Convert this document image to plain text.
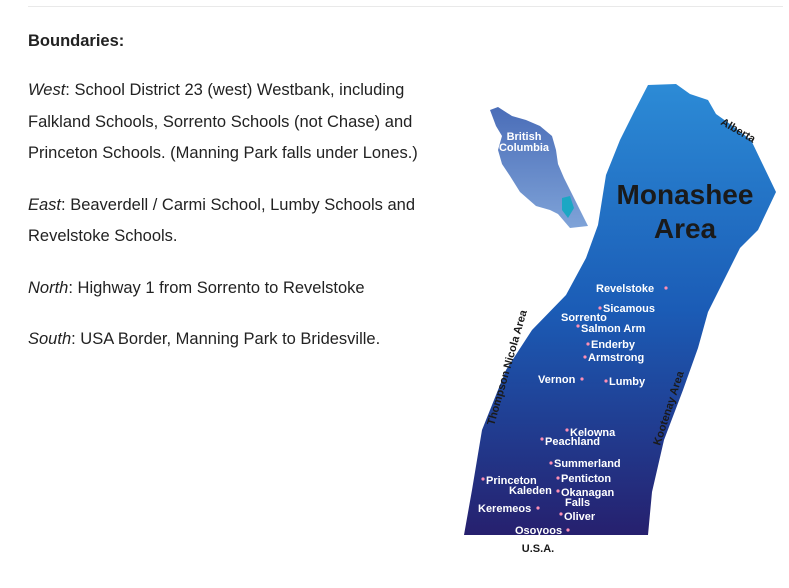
Boundaries:

West: School District 23 (west) Westbank, including Falkland Schools, Sorrento Schools (not Chase) and Princeton Schools. (Manning Park falls under Lones.)

East: Beaverdell / Carmi School, Lumby Schools and Revelstoke Schools.

North: Highway 1 from Sorrento to Revelstoke

South: USA Border, Manning Park to Bridesville.

British
Columbia
Monashee
Area
Alberta
Thompson Nicola Area	Kootenay Area
U.S.A.
Revelstoke
Sicamous
Sorrento
Salmon Arm
Enderby
Armstrong
Vernon	Lumby
Kelowna
Peachland
Summerland
Princeton Penticton
Kaleden Okanagan
Falls
Keremeos
Oliver
Osoyoos
